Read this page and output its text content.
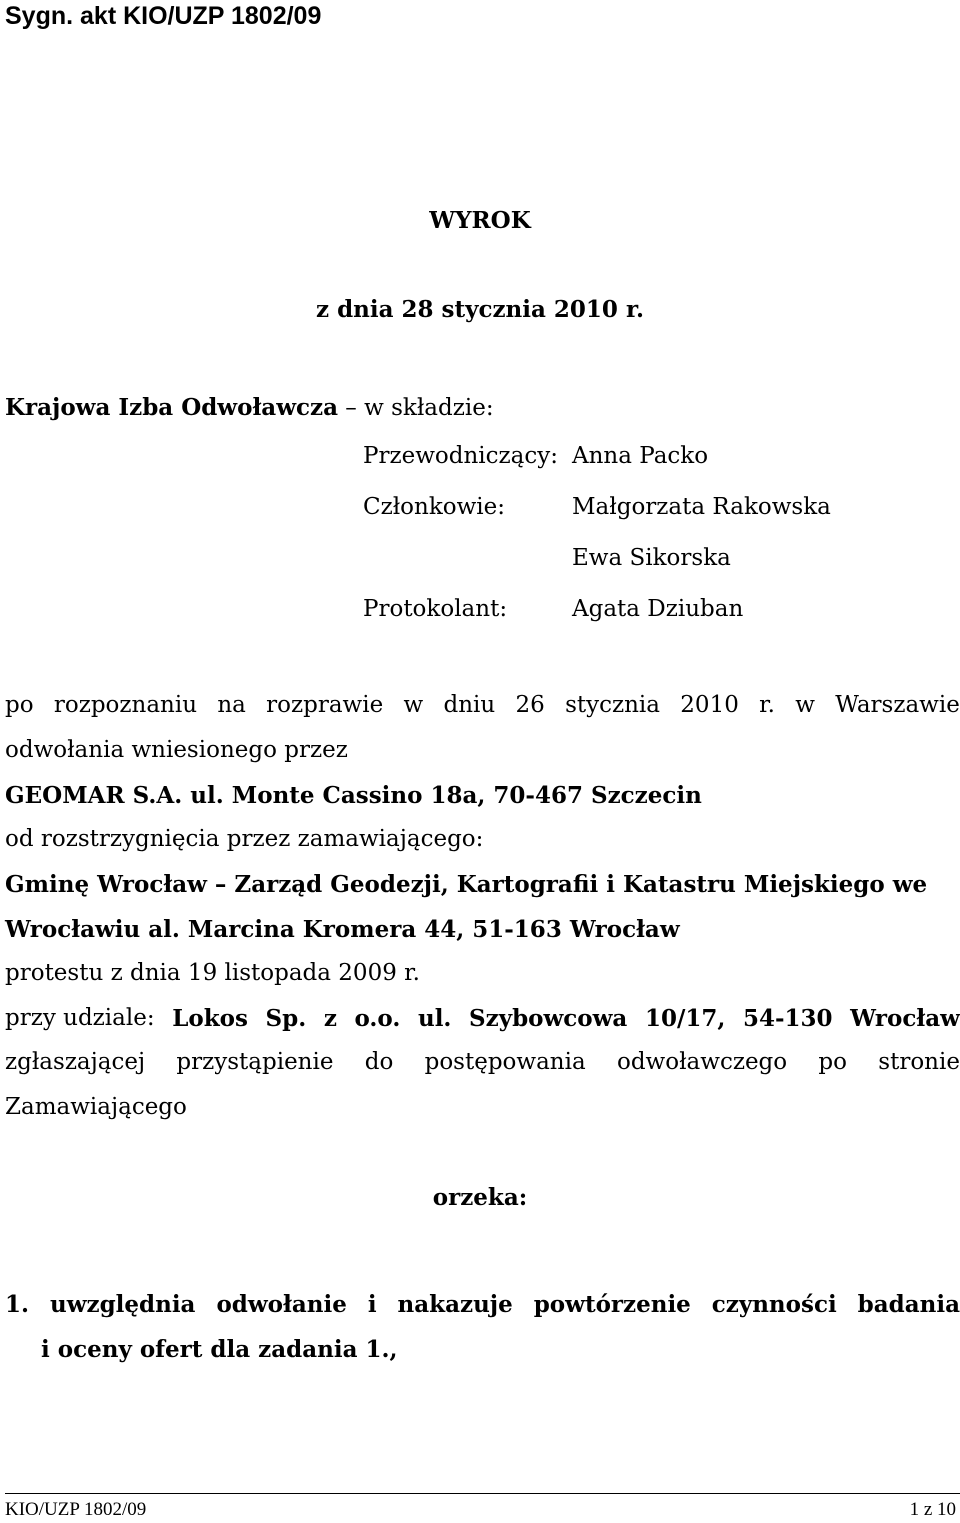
Sygn. akt KIO/UZP 1802/09
WYROK
z dnia 28 stycznia 2010 r.
Krajowa Izba Odwoławcza – w składzie:
Przewodniczący: Anna Packo
Członkowie:	Małgorzata Rakowska
Ewa Sikorska
Protokolant:	Agata Dziuban
po rozpoznaniu na rozprawie w dniu 26 stycznia 2010 r. w Warszawie
odwołania wniesionego przez
GEOMAR S.A. ul. Monte Cassino 18a, 70-467 Szczecin
od rozstrzygnięcia przez zamawiającego:
Gminę Wrocław – Zarząd Geodezji, Kartografii i Katastru Miejskiego we
Wrocławiu al. Marcina Kromera 44, 51-163 Wrocław
protestu z dnia 19 listopada 2009 r.
przy udziale: Lokos Sp. z o.o. ul. Szybowcowa 10/17, 54-130 Wrocław
zgłaszającej przystąpienie do postępowania odwoławczego po stronie
Zamawiającego
orzeka:
1. uwzględnia odwołanie i nakazuje powtórzenie czynności badania
i oceny ofert dla zadania 1.,
KIO/UZP 1802/09	1 z 10
